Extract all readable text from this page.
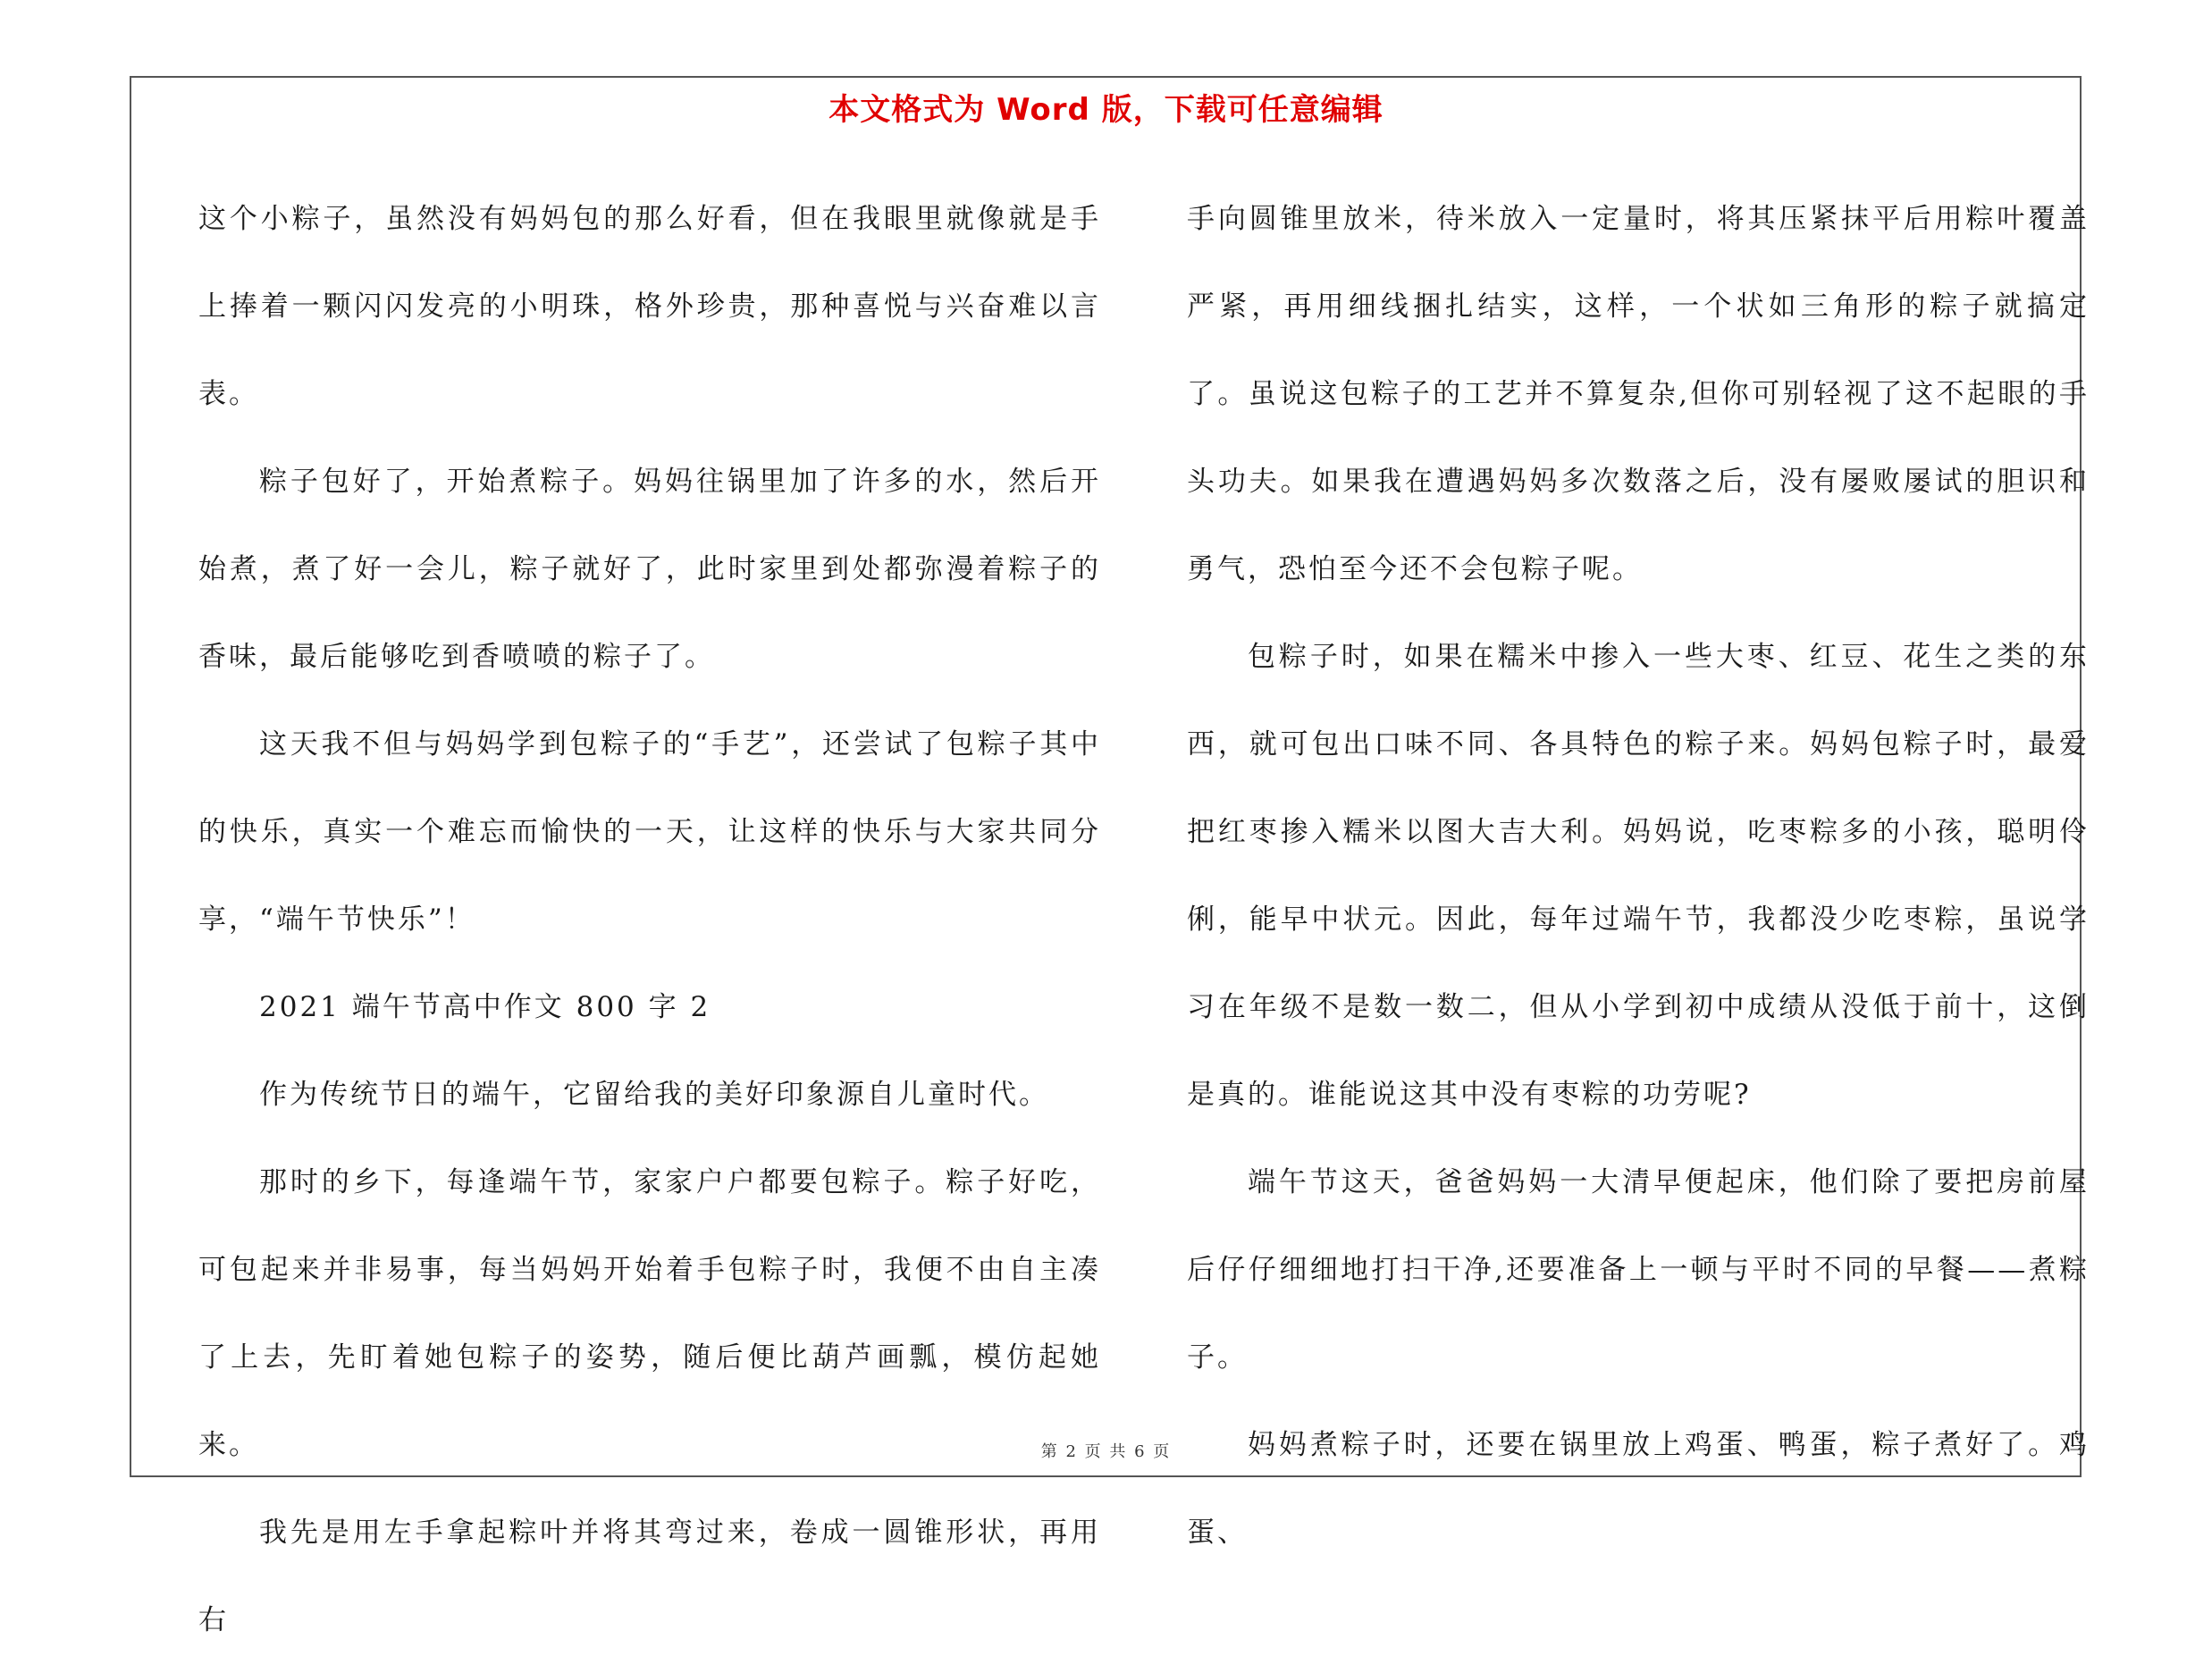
本文格式为 Word 版，下载可任意编辑

这个小粽子，虽然没有妈妈包的那么好看，但在我眼里就像就是手上捧着一颗闪闪发亮的小明珠，格外珍贵，那种喜悦与兴奋难以言表。

粽子包好了，开始煮粽子。妈妈往锅里加了许多的水，然后开始煮，煮了好一会儿，粽子就好了，此时家里到处都弥漫着粽子的香味，最后能够吃到香喷喷的粽子了。

这天我不但与妈妈学到包粽子的“手艺”，还尝试了包粽子其中的快乐，真实一个难忘而愉快的一天，让这样的快乐与大家共同分享，“端午节快乐”！

2021 端午节高中作文 800 字 2

作为传统节日的端午，它留给我的美好印象源自儿童时代。

那时的乡下，每逢端午节，家家户户都要包粽子。粽子好吃，可包起来并非易事，每当妈妈开始着手包粽子时，我便不由自主凑了上去，先盯着她包粽子的姿势，随后便比葫芦画瓢，模仿起她来。

我先是用左手拿起粽叶并将其弯过来，卷成一圆锥形状，再用右

手向圆锥里放米，待米放入一定量时，将其压紧抹平后用粽叶覆盖严紧，再用细线捆扎结实，这样，一个状如三角形的粽子就搞定了。虽说这包粽子的工艺并不算复杂,但你可别轻视了这不起眼的手头功夫。如果我在遭遇妈妈多次数落之后，没有屡败屡试的胆识和勇气，恐怕至今还不会包粽子呢。

包粽子时，如果在糯米中掺入一些大枣、红豆、花生之类的东西，就可包出口味不同、各具特色的粽子来。妈妈包粽子时，最爱把红枣掺入糯米以图大吉大利。妈妈说，吃枣粽多的小孩，聪明伶俐，能早中状元。因此，每年过端午节，我都没少吃枣粽，虽说学习在年级不是数一数二，但从小学到初中成绩从没低于前十，这倒是真的。谁能说这其中没有枣粽的功劳呢?

端午节这天，爸爸妈妈一大清早便起床，他们除了要把房前屋后仔仔细细地打扫干净,还要准备上一顿与平时不同的早餐——煮粽子。

妈妈煮粽子时，还要在锅里放上鸡蛋、鸭蛋，粽子煮好了。鸡蛋、

第 2 页 共 6 页
